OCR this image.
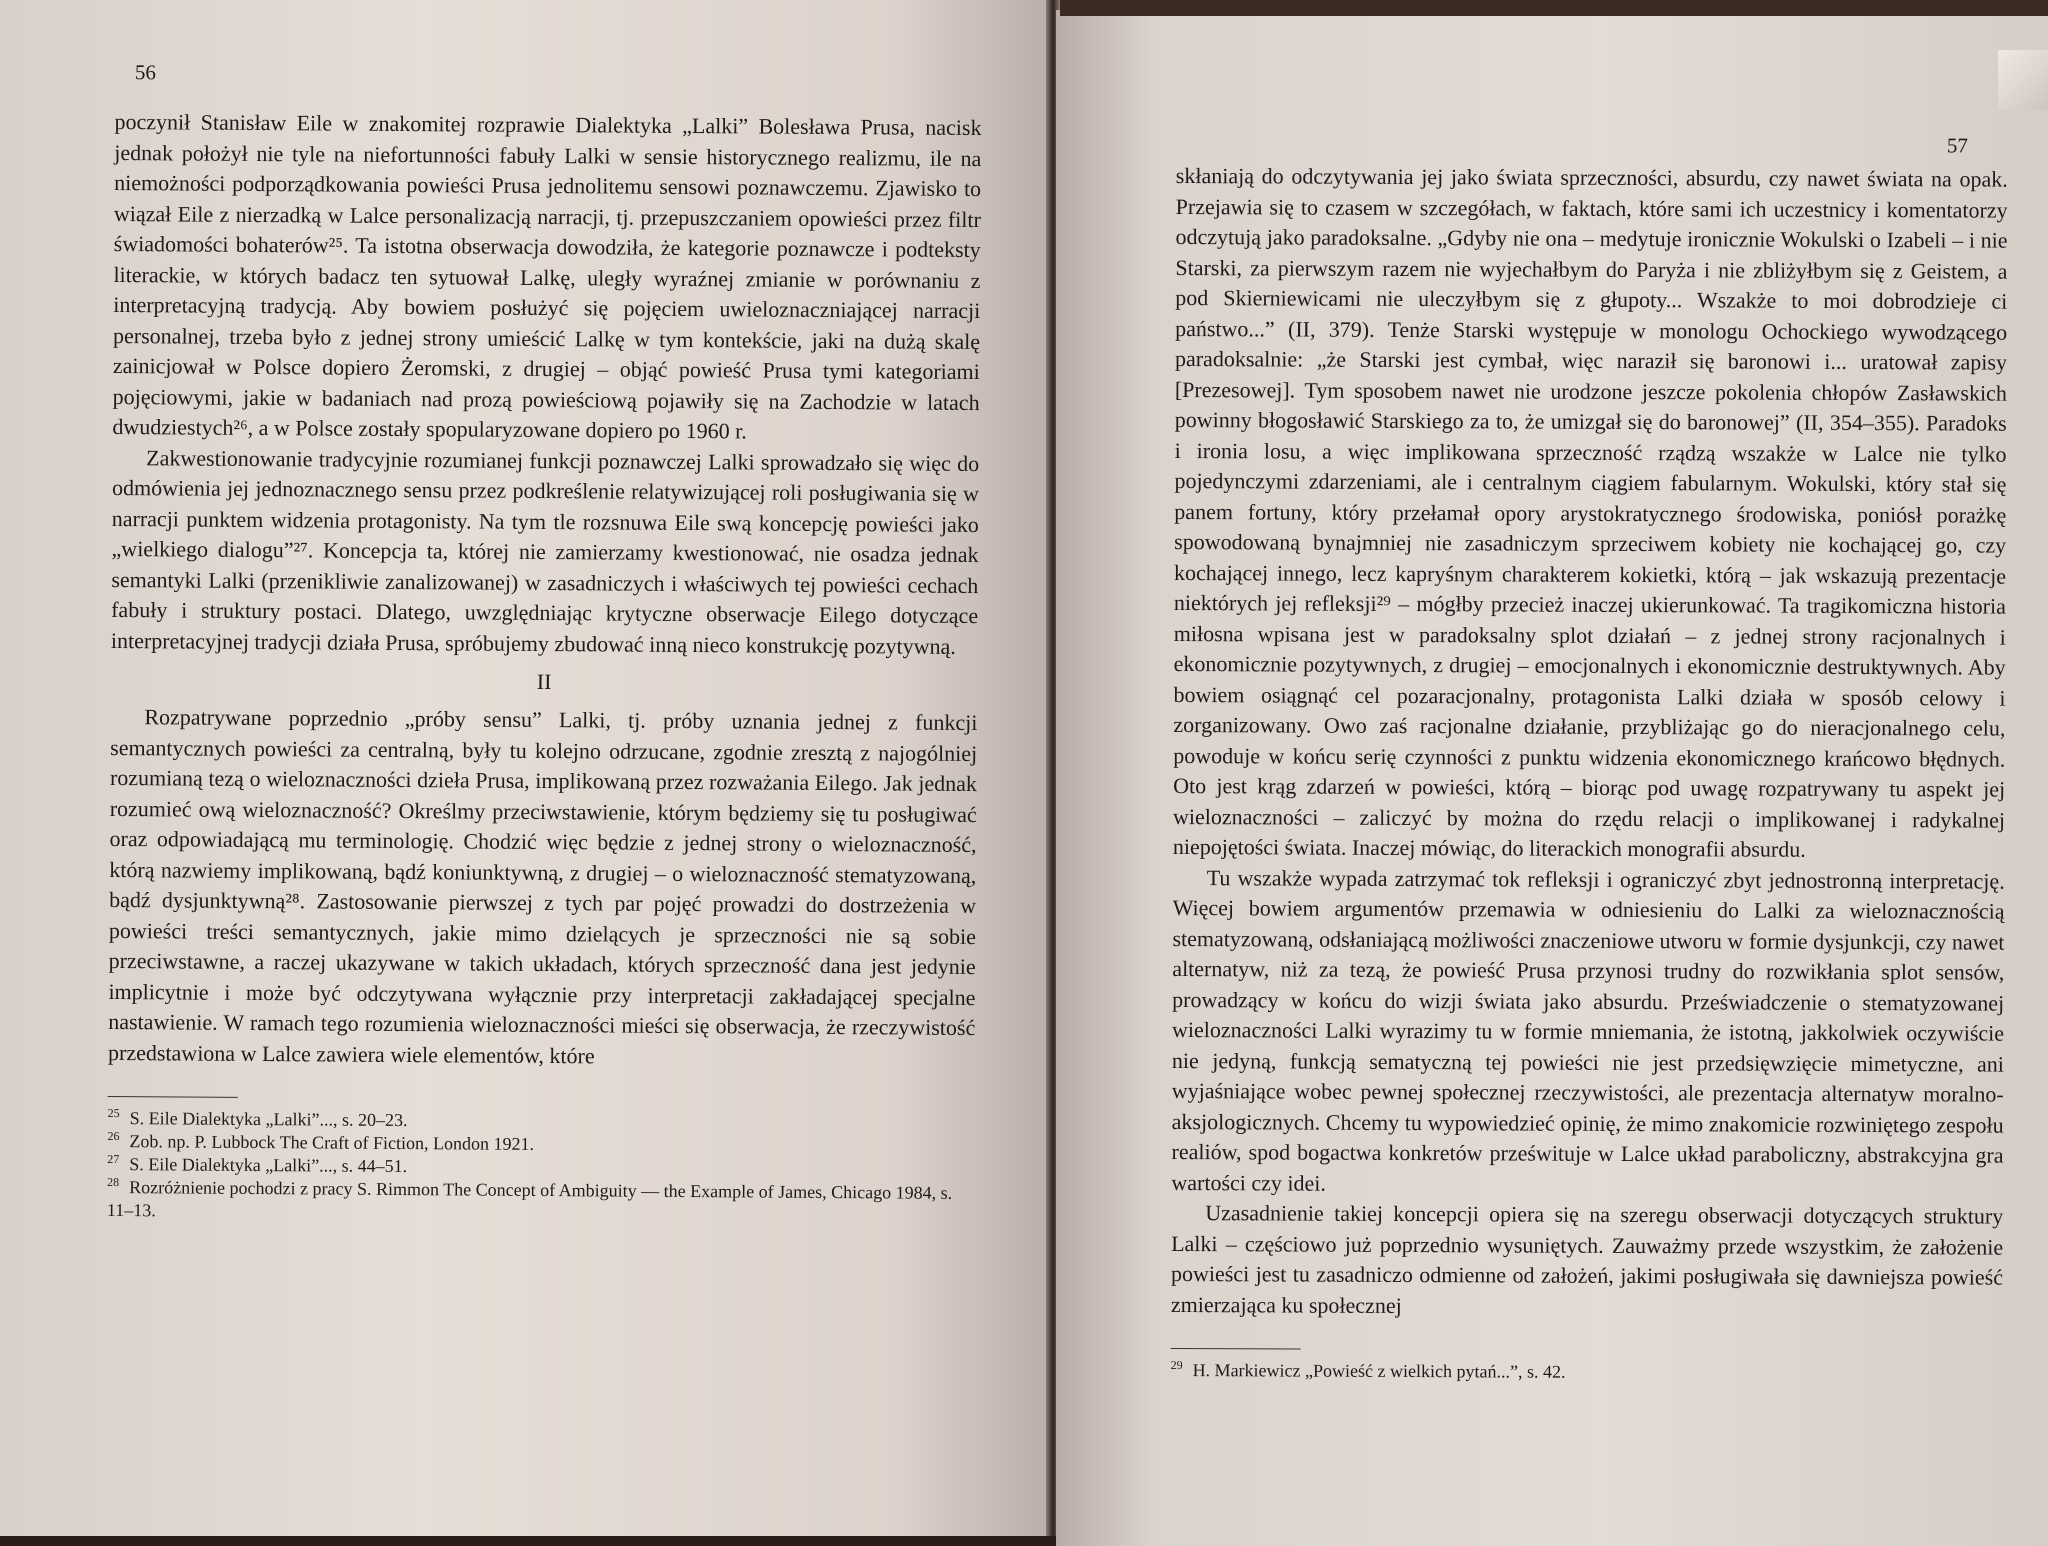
56

poczynił Stanisław Eile w znakomitej rozprawie Dialektyka „Lalki” Bolesława Prusa, nacisk jednak położył nie tyle na niefortunności fabuły Lalki w sensie historycznego realizmu, ile na niemożności podporządkowania powieści Prusa jednolitemu sensowi poznawczemu. Zjawisko to wiązał Eile z nierzadką w Lalce personalizacją narracji, tj. przepuszczaniem opowieści przez filtr świadomości bohaterów²⁵. Ta istotna obserwacja dowodziła, że kategorie poznawcze i podteksty literackie, w których badacz ten sytuował Lalkę, uległy wyraźnej zmianie w porównaniu z interpretacyjną tradycją. Aby bowiem posłużyć się pojęciem uwieloznaczniającej narracji personalnej, trzeba było z jednej strony umieścić Lalkę w tym kontekście, jaki na dużą skalę zainicjował w Polsce dopiero Żeromski, z drugiej – objąć powieść Prusa tymi kategoriami pojęciowymi, jakie w badaniach nad prozą powieściową pojawiły się na Zachodzie w latach dwudziestych²⁶, a w Polsce zostały spopularyzowane dopiero po 1960 r.

Zakwestionowanie tradycyjnie rozumianej funkcji poznawczej Lalki sprowadzało się więc do odmówienia jej jednoznacznego sensu przez podkreślenie relatywizującej roli posługiwania się w narracji punktem widzenia protagonisty. Na tym tle rozsnuwa Eile swą koncepcję powieści jako „wielkiego dialogu”²⁷. Koncepcja ta, której nie zamierzamy kwestionować, nie osadza jednak semantyki Lalki (przenikliwie zanalizowanej) w zasadniczych i właściwych tej powieści cechach fabuły i struktury postaci. Dlatego, uwzględniając krytyczne obserwacje Eilego dotyczące interpretacyjnej tradycji działa Prusa, spróbujemy zbudować inną nieco konstrukcję pozytywną.

II

Rozpatrywane poprzednio „próby sensu” Lalki, tj. próby uznania jednej z funkcji semantycznych powieści za centralną, były tu kolejno odrzucane, zgodnie zresztą z najogólniej rozumianą tezą o wieloznaczności dzieła Prusa, implikowaną przez rozważania Eilego. Jak jednak rozumieć ową wieloznaczność? Określmy przeciwstawienie, którym będziemy się tu posługiwać oraz odpowiadającą mu terminologię. Chodzić więc będzie z jednej strony o wieloznaczność, którą nazwiemy implikowaną, bądź koniunktywną, z drugiej – o wieloznaczność stematyzowaną, bądź dysjunktywną²⁸. Zastosowanie pierwszej z tych par pojęć prowadzi do dostrzeżenia w powieści treści semantycznych, jakie mimo dzielących je sprzeczności nie są sobie przeciwstawne, a raczej ukazywane w takich układach, których sprzeczność dana jest jedynie implicytnie i może być odczytywana wyłącznie przy interpretacji zakładającej specjalne nastawienie. W ramach tego rozumienia wieloznaczności mieści się obserwacja, że rzeczywistość przedstawiona w Lalce zawiera wiele elementów, które

$^{25}$ S. Eile Dialektyka „Lalki”..., s. 20–23.

$^{26}$ Zob. np. P. Lubbock The Craft of Fiction, London 1921.

$^{27}$ S. Eile Dialektyka „Lalki”..., s. 44–51.

$^{28}$ Rozróżnienie pochodzi z pracy S. Rimmon The Concept of Ambiguity — the Example of James, Chicago 1984, s. 11–13.

57

skłaniają do odczytywania jej jako świata sprzeczności, absurdu, czy nawet świata na opak. Przejawia się to czasem w szczegółach, w faktach, które sami ich uczestnicy i komentatorzy odczytują jako paradoksalne. „Gdyby nie ona – medytuje ironicznie Wokulski o Izabeli – i nie Starski, za pierwszym razem nie wyjechałbym do Paryża i nie zbliżyłbym się z Geistem, a pod Skierniewicami nie uleczyłbym się z głupoty... Wszakże to moi dobrodzieje ci państwo...” (II, 379). Tenże Starski występuje w monologu Ochockiego wywodzącego paradoksalnie: „że Starski jest cymbał, więc naraził się baronowi i... uratował zapisy [Prezesowej]. Tym sposobem nawet nie urodzone jeszcze pokolenia chłopów Zasławskich powinny błogosławić Starskiego za to, że umizgał się do baronowej” (II, 354–355). Paradoks i ironia losu, a więc implikowana sprzeczność rządzą wszakże w Lalce nie tylko pojedynczymi zdarzeniami, ale i centralnym ciągiem fabularnym. Wokulski, który stał się panem fortuny, który przełamał opory arystokratycznego środowiska, poniósł porażkę spowodowaną bynajmniej nie zasadniczym sprzeciwem kobiety nie kochającej go, czy kochającej innego, lecz kapryśnym charakterem kokietki, którą – jak wskazują prezentacje niektórych jej refleksji²⁹ – mógłby przecież inaczej ukierunkować. Ta tragikomiczna historia miłosna wpisana jest w paradoksalny splot działań – z jednej strony racjonalnych i ekonomicznie pozytywnych, z drugiej – emocjonalnych i ekonomicznie destruktywnych. Aby bowiem osiągnąć cel pozaracjonalny, protagonista Lalki działa w sposób celowy i zorganizowany. Owo zaś racjonalne działanie, przybliżając go do nieracjonalnego celu, powoduje w końcu serię czynności z punktu widzenia ekonomicznego krańcowo błędnych. Oto jest krąg zdarzeń w powieści, którą – biorąc pod uwagę rozpatrywany tu aspekt jej wieloznaczności – zaliczyć by można do rzędu relacji o implikowanej i radykalnej niepojętości świata. Inaczej mówiąc, do literackich monografii absurdu.

Tu wszakże wypada zatrzymać tok refleksji i ograniczyć zbyt jednostronną interpretację. Więcej bowiem argumentów przemawia w odniesieniu do Lalki za wieloznacznością stematyzowaną, odsłaniającą możliwości znaczeniowe utworu w formie dysjunkcji, czy nawet alternatyw, niż za tezą, że powieść Prusa przynosi trudny do rozwikłania splot sensów, prowadzący w końcu do wizji świata jako absurdu. Przeświadczenie o stematyzowanej wieloznaczności Lalki wyrazimy tu w formie mniemania, że istotną, jakkolwiek oczywiście nie jedyną, funkcją sematyczną tej powieści nie jest przedsięwzięcie mimetyczne, ani wyjaśniające wobec pewnej społecznej rzeczywistości, ale prezentacja alternatyw moralno-aksjologicznych. Chcemy tu wypowiedzieć opinię, że mimo znakomicie rozwiniętego zespołu realiów, spod bogactwa konkretów prześwituje w Lalce układ paraboliczny, abstrakcyjna gra wartości czy idei.

Uzasadnienie takiej koncepcji opiera się na szeregu obserwacji dotyczących struktury Lalki – częściowo już poprzednio wysuniętych. Zauważmy przede wszystkim, że założenie powieści jest tu zasadniczo odmienne od założeń, jakimi posługiwała się dawniejsza powieść zmierzająca ku społecznej

$^{29}$ H. Markiewicz „Powieść z wielkich pytań...”, s. 42.
